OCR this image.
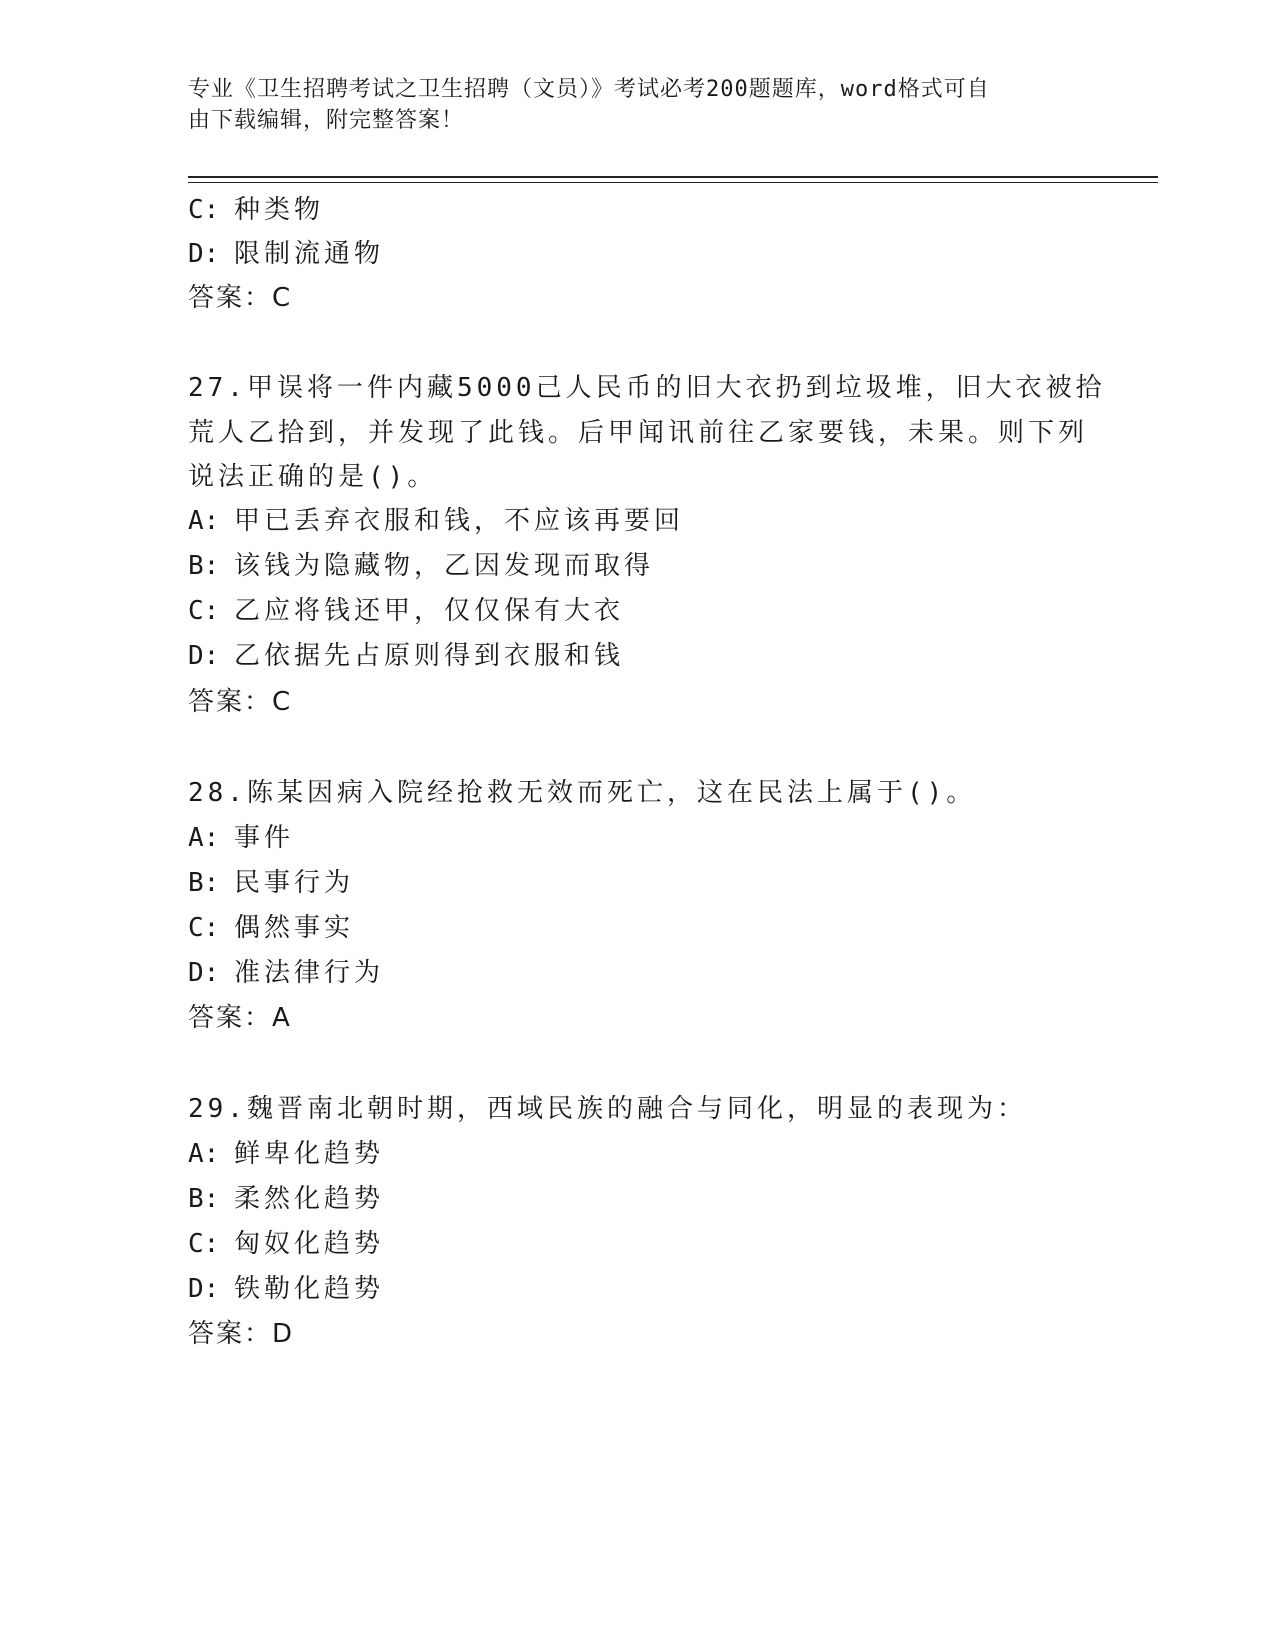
专业《卫生招聘考试之卫生招聘（文员）》考试必考200题题库，word格式可自
由下载编辑，附完整答案！
C: 种类物
D: 限制流通物
答案：C
27.甲误将一件内藏5000己人民币的旧大衣扔到垃圾堆，旧大衣被拾
荒人乙拾到，并发现了此钱。后甲闻讯前往乙家要钱，未果。则下列
说法正确的是()。
A: 甲已丢弃衣服和钱，不应该再要回
B: 该钱为隐藏物，乙因发现而取得
C: 乙应将钱还甲，仅仅保有大衣
D: 乙依据先占原则得到衣服和钱
答案：C
28.陈某因病入院经抢救无效而死亡，这在民法上属于()。
A: 事件
B: 民事行为
C: 偶然事实
D: 准法律行为
答案：A
29.魏晋南北朝时期，西域民族的融合与同化，明显的表现为：
A: 鲜卑化趋势
B: 柔然化趋势
C: 匈奴化趋势
D: 铁勒化趋势
答案：D
